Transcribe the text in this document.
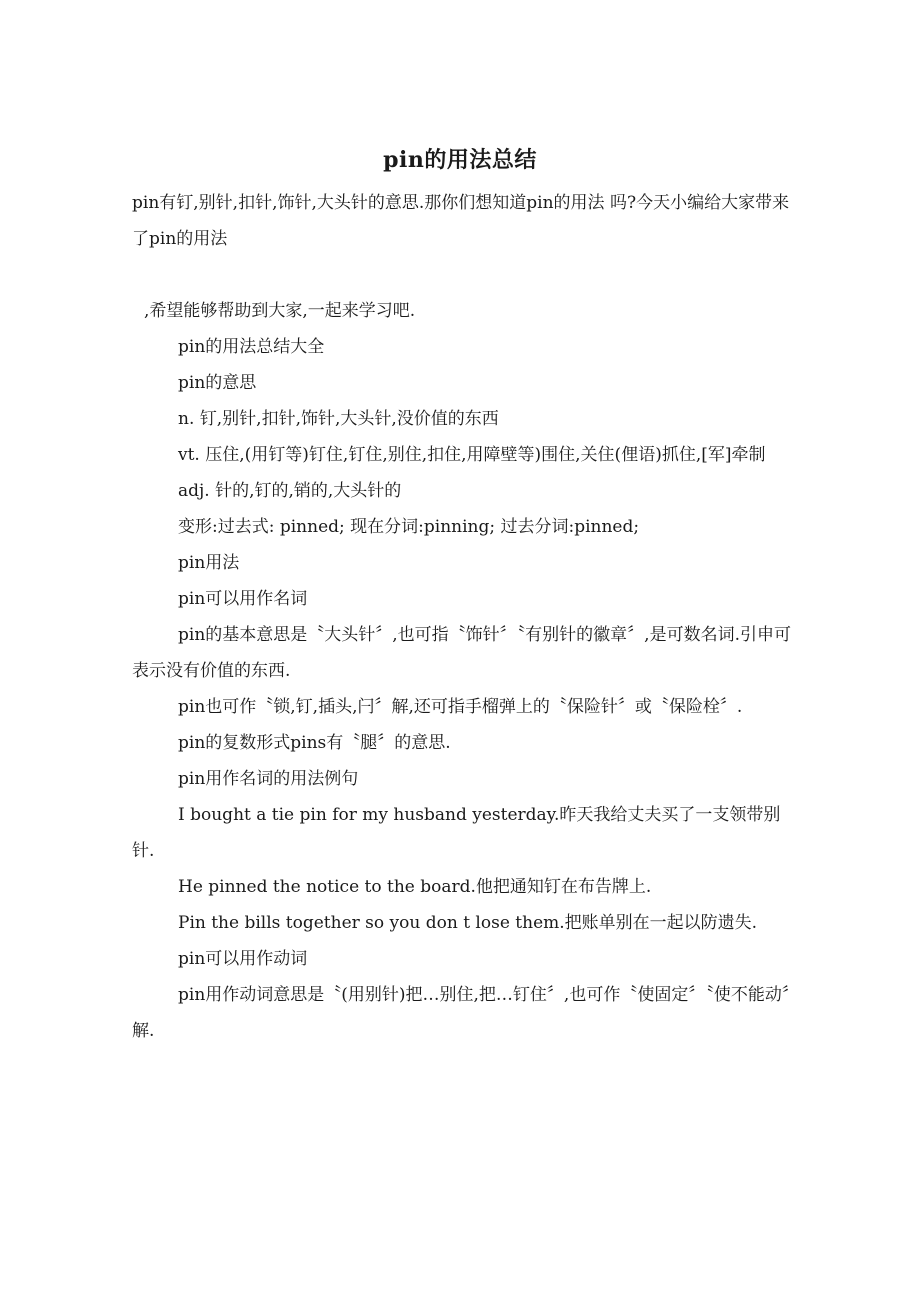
pin的用法总结

pin有钉,别针,扣针,饰针,大头针的意思.那你们想知道pin的用法 吗?今天小编给大家带来了pin的用法

,希望能够帮助到大家,一起来学习吧.

pin的用法总结大全

pin的意思

n. 钉,别针,扣针,饰针,大头针,没价值的东西

vt. 压住,(用钉等)钉住,钉住,别住,扣住,用障壁等)围住,关住(俚语)抓住,[军]牵制

adj. 针的,钉的,销的,大头针的

变形:过去式: pinned; 现在分词:pinning; 过去分词:pinned;

pin用法

pin可以用作名词

pin的基本意思是〝大头针〞,也可指〝饰针〞〝有别针的徽章〞,是可数名词.引申可表示没有价值的东西.

pin也可作〝锁,钉,插头,闩〞解,还可指手榴弹上的〝保险针〞或〝保险栓〞.

pin的复数形式pins有〝腿〞的意思.

pin用作名词的用法例句

I bought a tie pin for my husband yesterday.昨天我给丈夫买了一支领带别针.

He pinned the notice to the board.他把通知钉在布告牌上.

Pin the bills together so you don t lose them.把账单别在一起以防遗失.

pin可以用作动词

pin用作动词意思是〝(用别针)把…别住,把…钉住〞,也可作〝使固定〞〝使不能动〞解.
